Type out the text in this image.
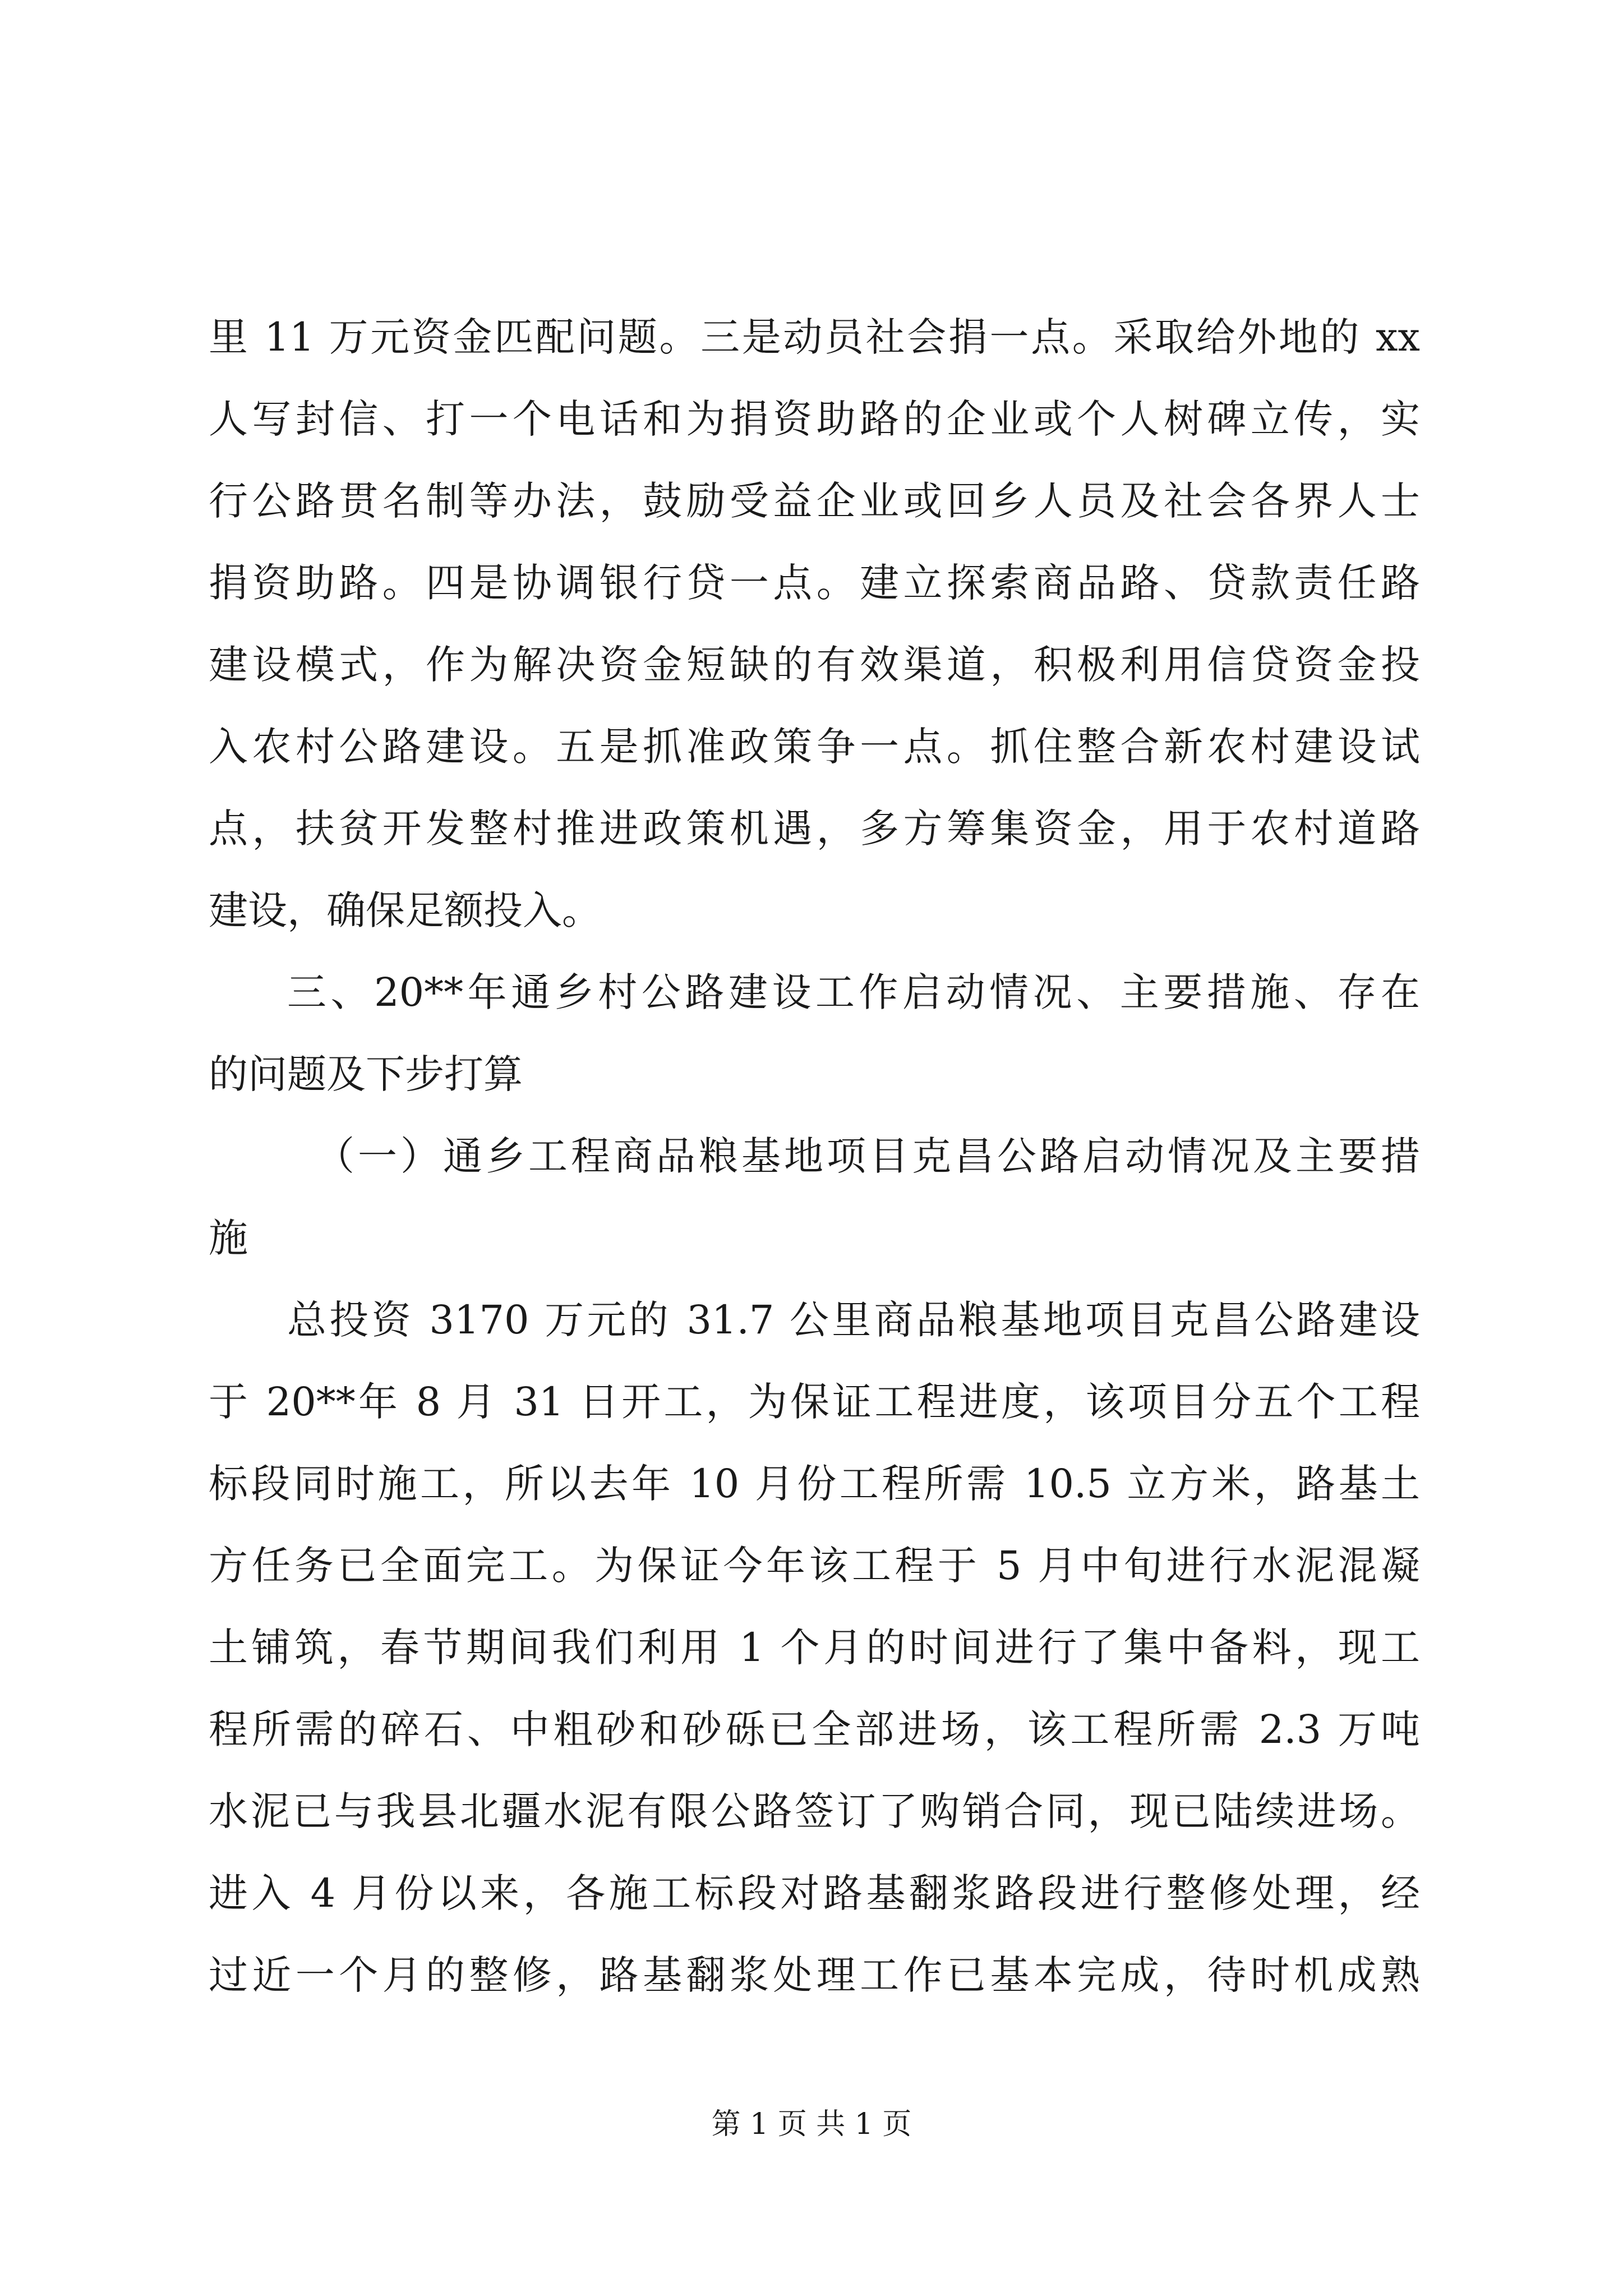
里 11 万元资金匹配问题。三是动员社会捐一点。采取给外地的 xx
人写封信、打一个电话和为捐资助路的企业或个人树碑立传，实
行公路贯名制等办法，鼓励受益企业或回乡人员及社会各界人士
捐资助路。四是协调银行贷一点。建立探索商品路、贷款责任路
建设模式，作为解决资金短缺的有效渠道，积极利用信贷资金投
入农村公路建设。五是抓准政策争一点。抓住整合新农村建设试
点，扶贫开发整村推进政策机遇，多方筹集资金，用于农村道路
建设，确保足额投入。
三、20**年通乡村公路建设工作启动情况、主要措施、存在
的问题及下步打算
（一）通乡工程商品粮基地项目克昌公路启动情况及主要措
施
总投资 3170 万元的 31.7 公里商品粮基地项目克昌公路建设
于 20**年 8 月 31 日开工，为保证工程进度，该项目分五个工程
标段同时施工，所以去年 10 月份工程所需 10.5 立方米，路基土
方任务已全面完工。为保证今年该工程于 5 月中旬进行水泥混凝
土铺筑，春节期间我们利用 1 个月的时间进行了集中备料，现工
程所需的碎石、中粗砂和砂砾已全部进场，该工程所需 2.3 万吨
水泥已与我县北疆水泥有限公路签订了购销合同，现已陆续进场。
进入 4 月份以来，各施工标段对路基翻浆路段进行整修处理，经
过近一个月的整修，路基翻浆处理工作已基本完成，待时机成熟
第 1 页 共 1 页
